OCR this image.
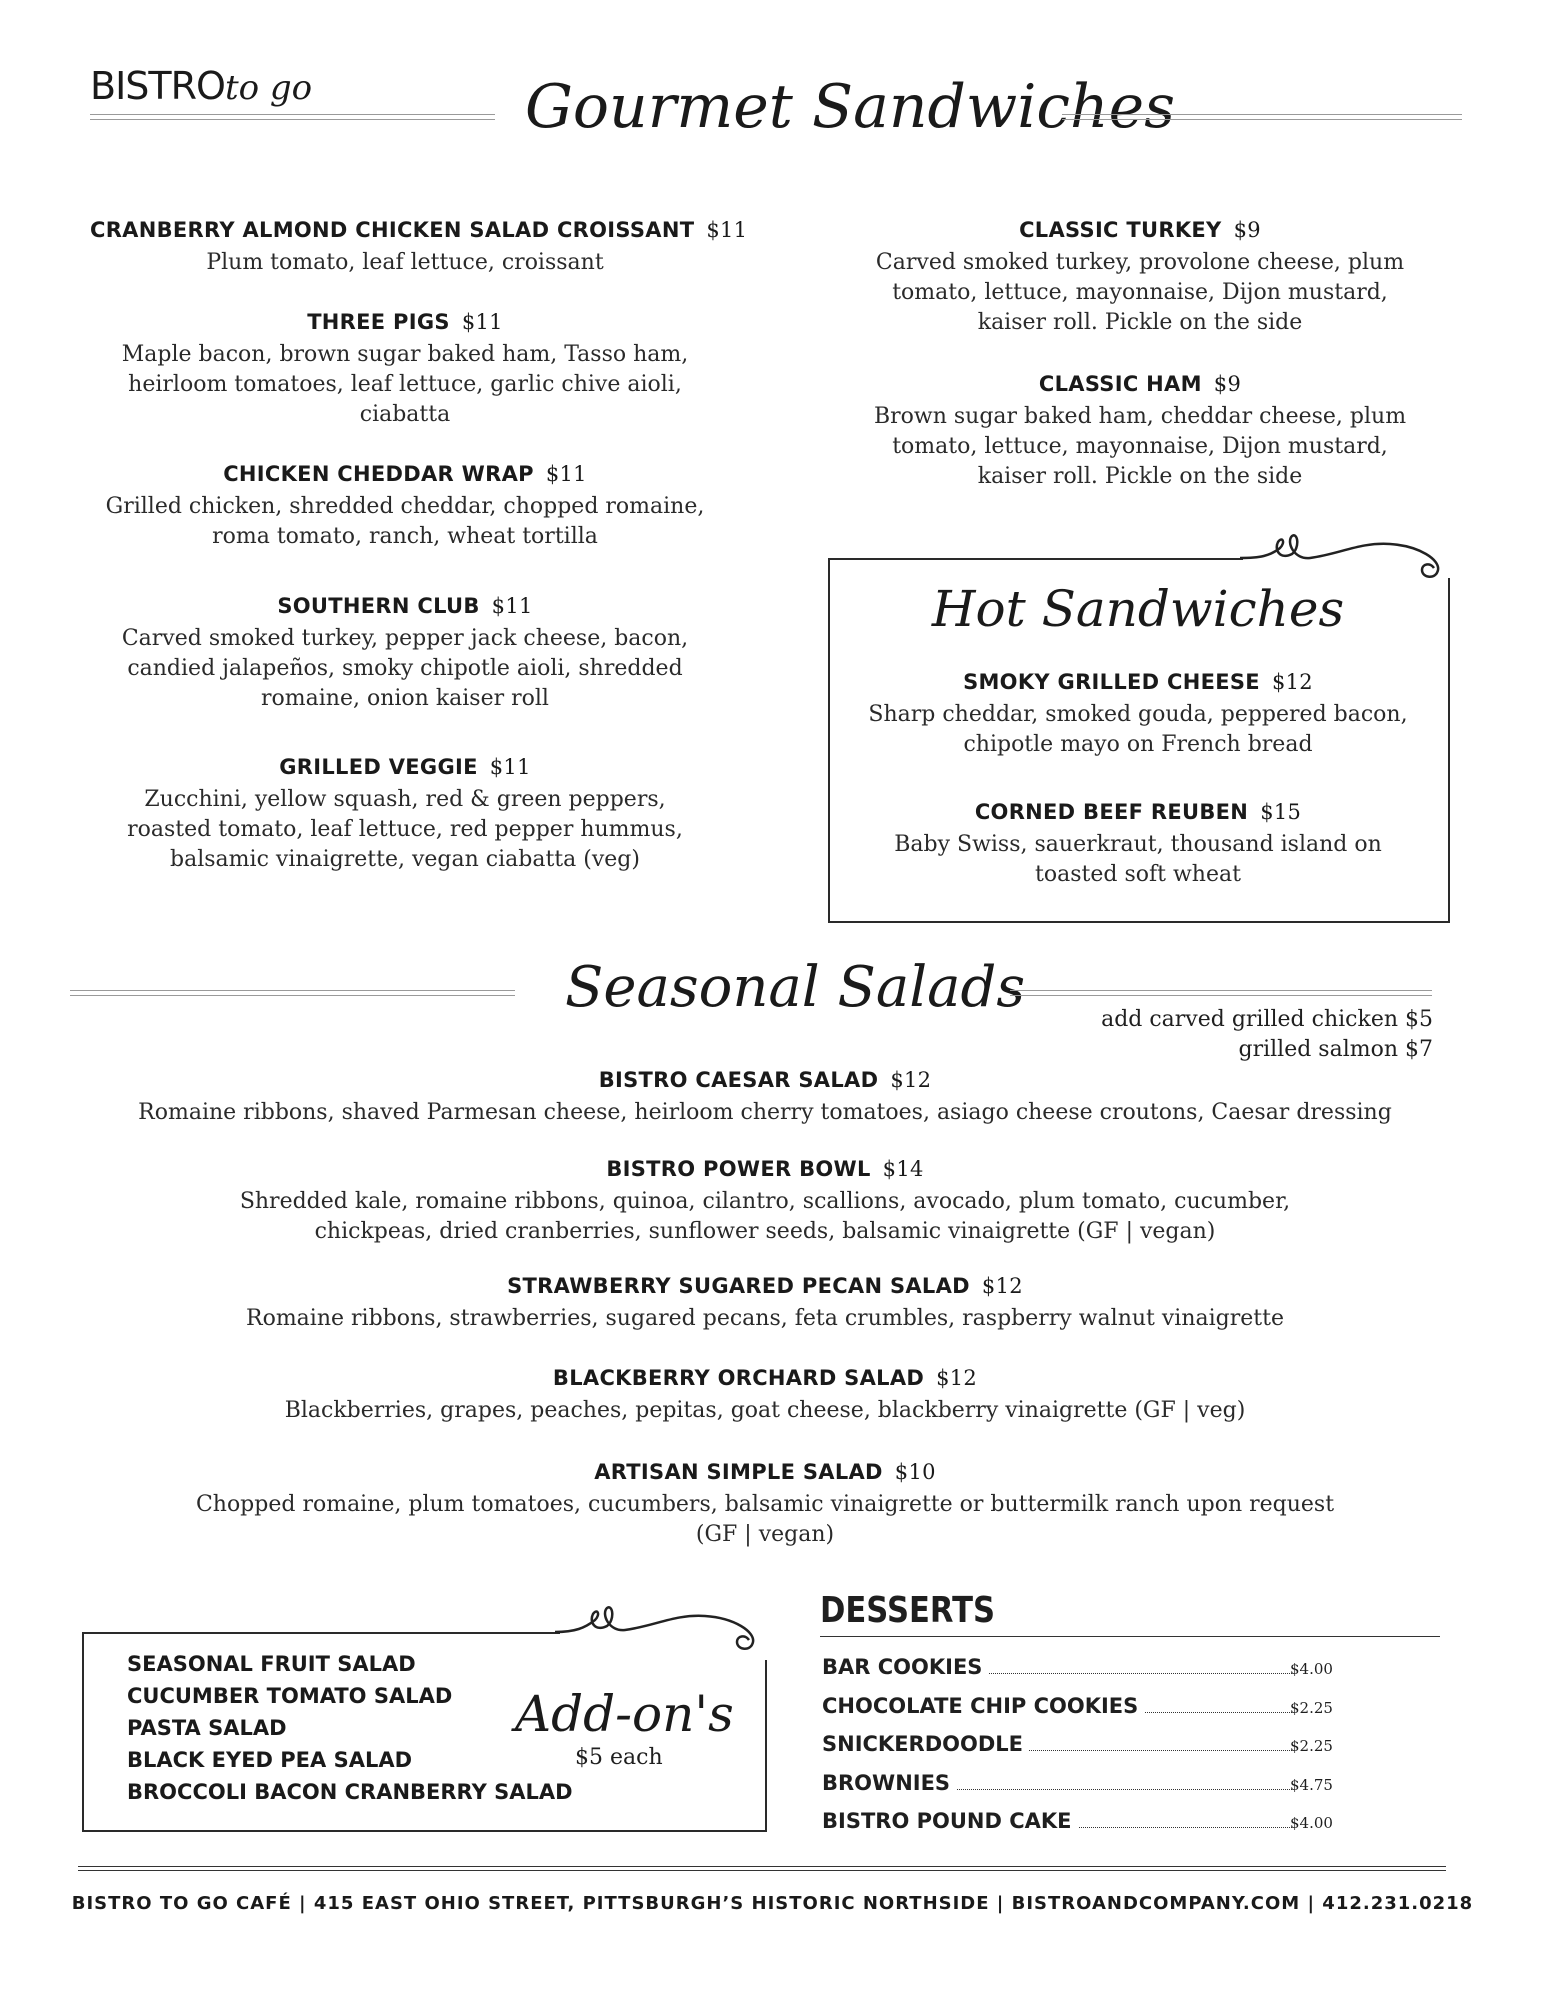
BISTROto go	Gourmet Sandwiches
CRANBERRY ALMOND CHICKEN SALAD CROISSANT $11
Plum tomato, leaf lettuce, croissant
THREE PIGS $11
Maple bacon, brown sugar baked ham, Tasso ham,
heirloom tomatoes, leaf lettuce, garlic chive aioli,
ciabatta
CHICKEN CHEDDAR WRAP $11
Grilled chicken, shredded cheddar, chopped romaine,
roma tomato, ranch, wheat tortilla
SOUTHERN CLUB $11
Carved smoked turkey, pepper jack cheese, bacon,
candied jalapeños, smoky chipotle aioli, shredded
romaine, onion kaiser roll
GRILLED VEGGIE $11
Zucchini, yellow squash, red & green peppers,
roasted tomato, leaf lettuce, red pepper hummus,
balsamic vinaigrette, vegan ciabatta (veg)
CLASSIC TURKEY $9
Carved smoked turkey, provolone cheese, plum
tomato, lettuce, mayonnaise, Dijon mustard,
kaiser roll. Pickle on the side
CLASSIC HAM $9
Brown sugar baked ham, cheddar cheese, plum
tomato, lettuce, mayonnaise, Dijon mustard,
kaiser roll. Pickle on the side
Hot Sandwiches
SMOKY GRILLED CHEESE $12
Sharp cheddar, smoked gouda, peppered bacon,
chipotle mayo on French bread
CORNED BEEF REUBEN $15
Baby Swiss, sauerkraut, thousand island on
toasted soft wheat
Seasonal Salads	add carved grilled chicken $5
grilled salmon $7
BISTRO CAESAR SALAD $12
Romaine ribbons, shaved Parmesan cheese, heirloom cherry tomatoes, asiago cheese croutons, Caesar dressing
BISTRO POWER BOWL $14
Shredded kale, romaine ribbons, quinoa, cilantro, scallions, avocado, plum tomato, cucumber,
chickpeas, dried cranberries, sunflower seeds, balsamic vinaigrette (GF | vegan)
STRAWBERRY SUGARED PECAN SALAD $12
Romaine ribbons, strawberries, sugared pecans, feta crumbles, raspberry walnut vinaigrette
BLACKBERRY ORCHARD SALAD $12
Blackberries, grapes, peaches, pepitas, goat cheese, blackberry vinaigrette (GF | veg)
ARTISAN SIMPLE SALAD $10
Chopped romaine, plum tomatoes, cucumbers, balsamic vinaigrette or buttermilk ranch upon request
(GF | vegan)
SEASONAL FRUIT SALAD
CUCUMBER TOMATO SALAD
PASTA SALAD
BLACK EYED PEA SALAD
BROCCOLI BACON CRANBERRY SALAD
Add-on's
$5 each
DESSERTS
BAR COOKIES	$4.00
CHOCOLATE CHIP COOKIES	$2.25
SNICKERDOODLE	$2.25
BROWNIES	$4.75
BISTRO POUND CAKE	$4.00
BISTRO TO GO CAFÉ | 415 EAST OHIO STREET, PITTSBURGH’S HISTORIC NORTHSIDE | BISTROANDCOMPANY.COM | 412.231.0218
